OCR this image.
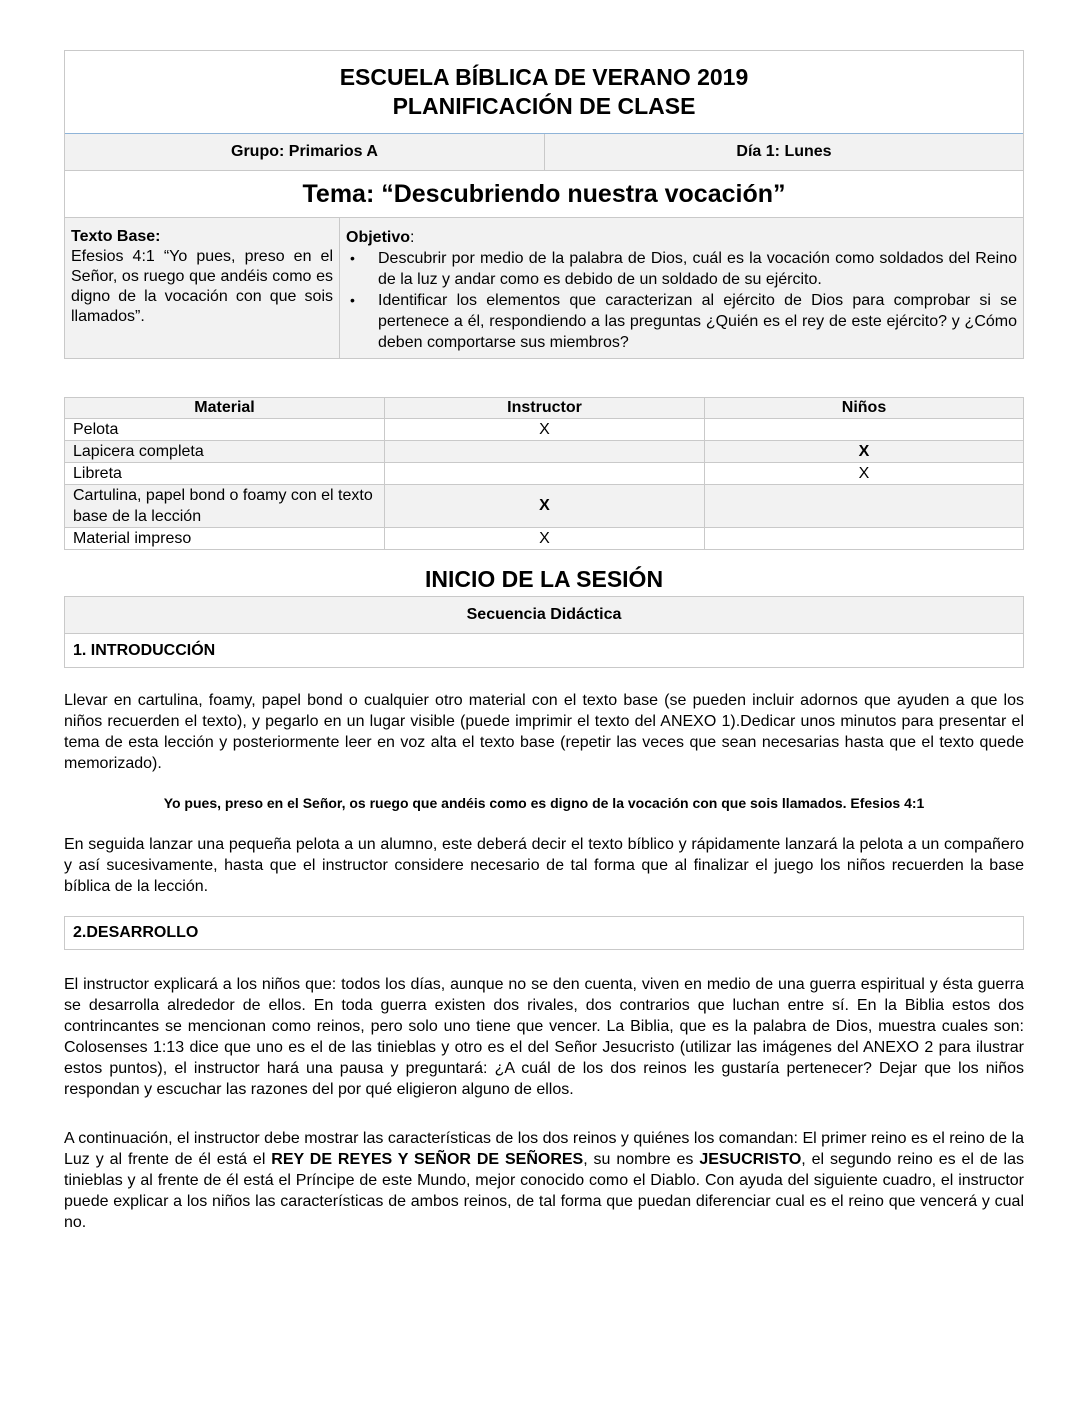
ESCUELA BÍBLICA DE VERANO 2019
PLANIFICACIÓN DE CLASE
Grupo: Primarios A	Día 1: Lunes
Tema: “Descubriendo nuestra vocación”
Texto Base:
Efesios 4:1 “Yo pues, preso en el Señor, os ruego que andéis como es digno de la vocación con que sois llamados”.
Objetivo:
• Descubrir por medio de la palabra de Dios, cuál es la vocación como soldados del Reino de la luz y andar como es debido de un soldado de su ejército.
• Identificar los elementos que caracterizan al ejército de Dios para comprobar si se pertenece a él, respondiendo a las preguntas ¿Quién es el rey de este ejército? y ¿Cómo deben comportarse sus miembros?
Material	Instructor	Niños
Pelota	X	
Lapicera completa		X
Libreta		X
Cartulina, papel bond o foamy con el texto base de la lección	X	
Material impreso	X	
INICIO DE LA SESIÓN
Secuencia Didáctica
1. INTRODUCCIÓN
Llevar en cartulina, foamy, papel bond o cualquier otro material con el texto base (se pueden incluir adornos que ayuden a que los niños recuerden el texto), y pegarlo en un lugar visible (puede imprimir el texto del ANEXO 1).Dedicar unos minutos para presentar el tema de esta lección y posteriormente leer en voz alta el texto base (repetir las veces que sean necesarias hasta que el texto quede memorizado).
Yo pues, preso en el Señor, os ruego que andéis como es digno de la vocación con que sois llamados. Efesios 4:1
En seguida lanzar una pequeña pelota a un alumno, este deberá decir el texto bíblico y rápidamente lanzará la pelota a un compañero y así sucesivamente, hasta que el instructor considere necesario de tal forma que al finalizar el juego los niños recuerden la base bíblica de la lección.
2.DESARROLLO
El instructor explicará a los niños que: todos los días, aunque no se den cuenta, viven en medio de una guerra espiritual y ésta guerra se desarrolla alrededor de ellos. En toda guerra existen dos rivales, dos contrarios que luchan entre sí. En la Biblia estos dos contrincantes se mencionan como reinos, pero solo uno tiene que vencer. La Biblia, que es la palabra de Dios, muestra cuales son: Colosenses 1:13 dice que uno es el de las tinieblas y otro es el del Señor Jesucristo (utilizar las imágenes del ANEXO 2 para ilustrar estos puntos), el instructor hará una pausa y preguntará: ¿A cuál de los dos reinos les gustaría pertenecer? Dejar que los niños respondan y escuchar las razones del por qué eligieron alguno de ellos.
A continuación, el instructor debe mostrar las características de los dos reinos y quiénes los comandan: El primer reino es el reino de la Luz y al frente de él está el REY DE REYES Y SEÑOR DE SEÑORES, su nombre es JESUCRISTO, el segundo reino es el de las tinieblas y al frente de él está el Príncipe de este Mundo, mejor conocido como el Diablo. Con ayuda del siguiente cuadro, el instructor puede explicar a los niños las características de ambos reinos, de tal forma que puedan diferenciar cual es el reino que vencerá y cual no.
